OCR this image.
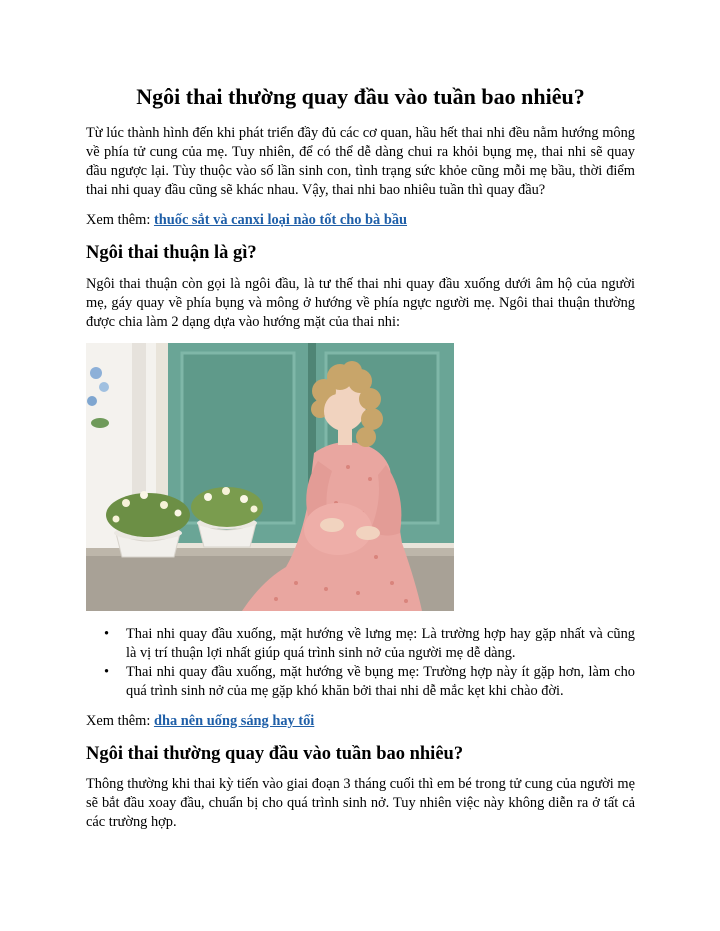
Ngôi thai thường quay đầu vào tuần bao nhiêu?

Từ lúc thành hình đến khi phát triển đầy đủ các cơ quan, hầu hết thai nhi đều nằm hướng mông về phía tử cung của mẹ. Tuy nhiên, để có thể dễ dàng chui ra khỏi bụng mẹ, thai nhi sẽ quay đầu ngược lại. Tùy thuộc vào số lần sinh con, tình trạng sức khỏe cũng mỗi mẹ bầu, thời điểm thai nhi quay đầu cũng sẽ khác nhau. Vậy, thai nhi bao nhiêu tuần thì quay đầu?

Xem thêm: thuốc sắt và canxi loại nào tốt cho bà bầu

Ngôi thai thuận là gì?

Ngôi thai thuận còn gọi là ngôi đầu, là tư thế thai nhi quay đầu xuống dưới âm hộ của người mẹ, gáy quay về phía bụng và mông ở hướng về phía ngực người mẹ. Ngôi thai thuận thường được chia làm 2 dạng dựa vào hướng mặt của thai nhi:

• Thai nhi quay đầu xuống, mặt hướng về lưng mẹ: Là trường hợp hay gặp nhất và cũng là vị trí thuận lợi nhất giúp quá trình sinh nở của người mẹ dễ dàng.
• Thai nhi quay đầu xuống, mặt hướng về bụng mẹ: Trường hợp này ít gặp hơn, làm cho quá trình sinh nở của mẹ gặp khó khăn bởi thai nhi dễ mắc kẹt khi chào đời.

Xem thêm: dha nên uống sáng hay tối

Ngôi thai thường quay đầu vào tuần bao nhiêu?

Thông thường khi thai kỳ tiến vào giai đoạn 3 tháng cuối thì em bé trong tử cung của người mẹ sẽ bắt đầu xoay đầu, chuẩn bị cho quá trình sinh nở. Tuy nhiên việc này không diễn ra ở tất cả các trường hợp.
